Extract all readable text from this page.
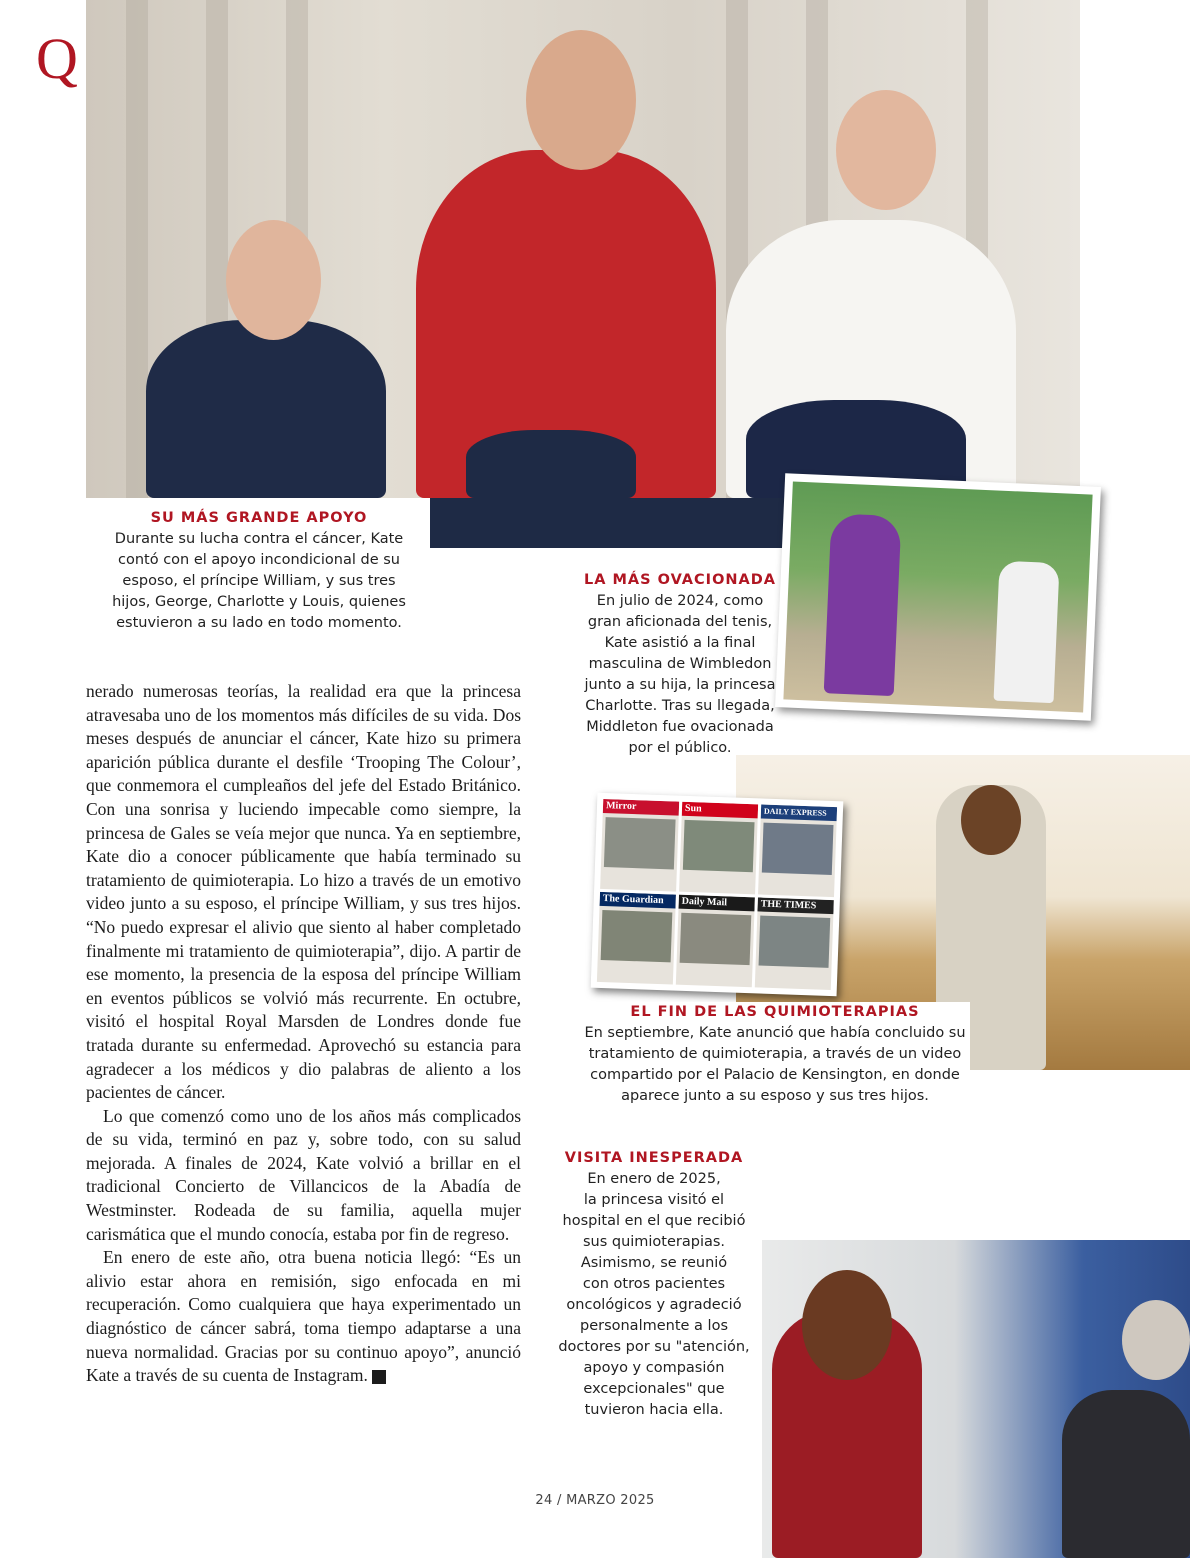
Q
SU MÁS GRANDE APOYO
Durante su lucha contra el cáncer, Kate
contó con el apoyo incondicional de su
esposo, el príncipe William, y sus tres
hijos, George, Charlotte y Louis, quienes
estuvieron a su lado en todo momento.
LA MÁS OVACIONADA
En julio de 2024, como
gran aficionada del tenis,
Kate asistió a la final
masculina de Wimbledon
junto a su hija, la princesa
Charlotte. Tras su llegada,
Middleton fue ovacionada
por el público.
Mirror	Sun	DAILY EXPRESS
The Guardian	Daily Mail	THE TIMES
EL FIN DE LAS QUIMIOTERAPIAS
En septiembre, Kate anunció que había concluido su
tratamiento de quimioterapia, a través de un video
compartido por el Palacio de Kensington, en donde
aparece junto a su esposo y sus tres hijos.
VISITA INESPERADA
En enero de 2025,
la princesa visitó el
hospital en el que recibió
sus quimioterapias.
Asimismo, se reunió
con otros pacientes
oncológicos y agradeció
personalmente a los
doctores por su "atención,
apoyo y compasión
excepcionales" que
tuvieron hacia ella.

nerado numerosas teorías, la realidad era que la princesa atravesaba uno de los momentos más difíciles de su vida. Dos meses después de anunciar el cáncer, Kate hizo su primera aparición pública durante el desfile ‘Trooping The Colour’, que conmemora el cumpleaños del jefe del Estado Británico. Con una sonrisa y luciendo impecable como siempre, la princesa de Gales se veía mejor que nunca. Ya en septiembre, Kate dio a conocer públicamente que había terminado su tratamiento de quimioterapia. Lo hizo a través de un emotivo video junto a su esposo, el príncipe William, y sus tres hijos. “No puedo expresar el alivio que siento al haber completado finalmente mi tratamiento de quimioterapia”, dijo. A partir de ese momento, la presencia de la esposa del príncipe William en eventos públicos se volvió más recurrente. En octubre, visitó el hospital Royal Marsden de Londres donde fue tratada durante su enfermedad. Aprovechó su estancia para agradecer a los médicos y dio palabras de aliento a los pacientes de cáncer.

Lo que comenzó como uno de los años más complicados de su vida, terminó en paz y, sobre todo, con su salud mejorada. A finales de 2024, Kate volvió a brillar en el tradicional Concierto de Villancicos de la Abadía de Westminster. Rodeada de su familia, aquella mujer carismática que el mundo conocía, estaba por fin de regreso.

En enero de este año, otra buena noticia llegó: “Es un alivio estar ahora en remisión, sigo enfocada en mi recuperación. Como cualquiera que haya experimentado un diagnóstico de cáncer sabrá, toma tiempo adaptarse a una nueva normalidad. Gracias por su continuo apoyo”, anunció Kate a través de su cuenta de Instagram. Q

24 / MARZO 2025
